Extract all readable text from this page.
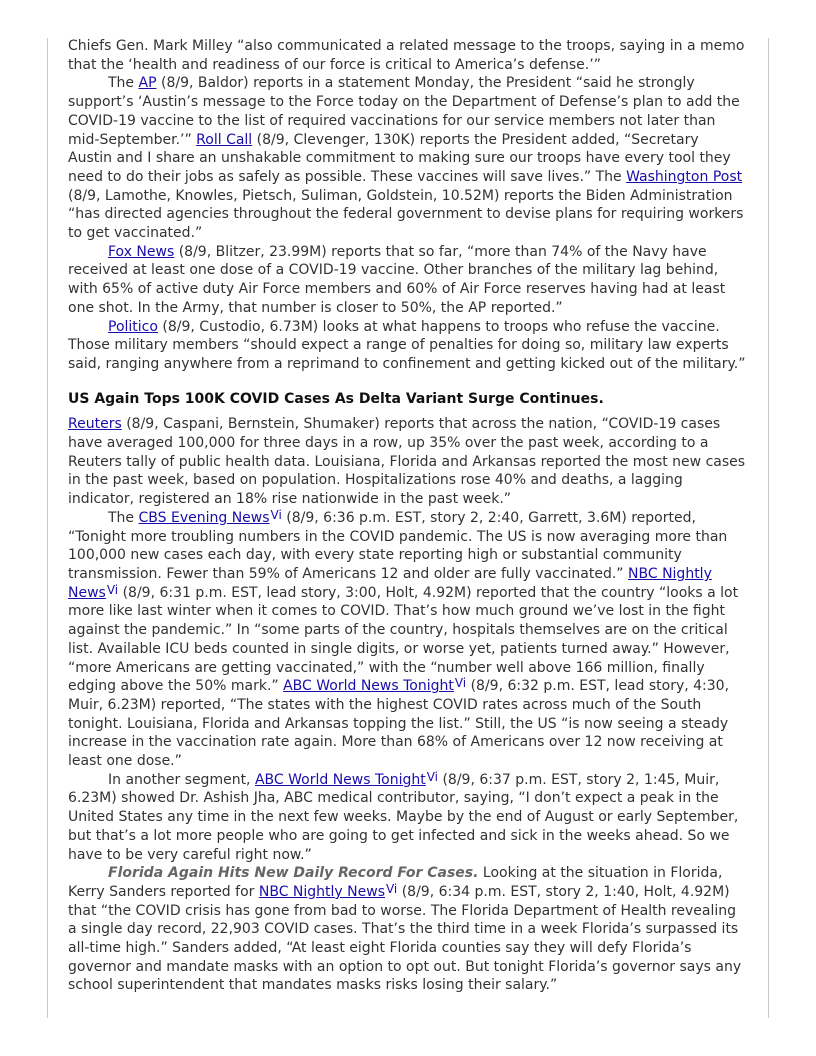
Chiefs Gen. Mark Milley “also communicated a related message to the troops, saying in a memo that the ‘health and readiness of our force is critical to America’s defense.’”

The AP (8/9, Baldor) reports in a statement Monday, the President “said he strongly support’s ‘Austin’s message to the Force today on the Department of Defense’s plan to add the COVID-19 vaccine to the list of required vaccinations for our service members not later than mid-September.’” Roll Call (8/9, Clevenger, 130K) reports the President added, “Secretary Austin and I share an unshakable commitment to making sure our troops have every tool they need to do their jobs as safely as possible. These vaccines will save lives.” The Washington Post (8/9, Lamothe, Knowles, Pietsch, Suliman, Goldstein, 10.52M) reports the Biden Administration “has directed agencies throughout the federal government to devise plans for requiring workers to get vaccinated.”

Fox News (8/9, Blitzer, 23.99M) reports that so far, “more than 74% of the Navy have received at least one dose of a COVID-19 vaccine. Other branches of the military lag behind, with 65% of active duty Air Force members and 60% of Air Force reserves having had at least one shot. In the Army, that number is closer to 50%, the AP reported.”

Politico (8/9, Custodio, 6.73M) looks at what happens to troops who refuse the vaccine. Those military members “should expect a range of penalties for doing so, military law experts said, ranging anywhere from a reprimand to confinement and getting kicked out of the military.”

US Again Tops 100K COVID Cases As Delta Variant Surge Continues.

Reuters (8/9, Caspani, Bernstein, Shumaker) reports that across the nation, “COVID-19 cases have averaged 100,000 for three days in a row, up 35% over the past week, according to a Reuters tally of public health data. Louisiana, Florida and Arkansas reported the most new cases in the past week, based on population. Hospitalizations rose 40% and deaths, a lagging indicator, registered an 18% rise nationwide in the past week.”

The CBS Evening News$^{Vi}$ (8/9, 6:36 p.m. EST, story 2, 2:40, Garrett, 3.6M) reported, “Tonight more troubling numbers in the COVID pandemic. The US is now averaging more than 100,000 new cases each day, with every state reporting high or substantial community transmission. Fewer than 59% of Americans 12 and older are fully vaccinated.” NBC Nightly News$^{Vi}$ (8/9, 6:31 p.m. EST, lead story, 3:00, Holt, 4.92M) reported that the country “looks a lot more like last winter when it comes to COVID. That’s how much ground we’ve lost in the fight against the pandemic.” In “some parts of the country, hospitals themselves are on the critical list. Available ICU beds counted in single digits, or worse yet, patients turned away.” However, “more Americans are getting vaccinated,” with the “number well above 166 million, finally edging above the 50% mark.” ABC World News Tonight$^{Vi}$ (8/9, 6:32 p.m. EST, lead story, 4:30, Muir, 6.23M) reported, “The states with the highest COVID rates across much of the South tonight. Louisiana, Florida and Arkansas topping the list.” Still, the US “is now seeing a steady increase in the vaccination rate again. More than 68% of Americans over 12 now receiving at least one dose.”

In another segment, ABC World News Tonight$^{Vi}$ (8/9, 6:37 p.m. EST, story 2, 1:45, Muir, 6.23M) showed Dr. Ashish Jha, ABC medical contributor, saying, “I don’t expect a peak in the United States any time in the next few weeks. Maybe by the end of August or early September, but that’s a lot more people who are going to get infected and sick in the weeks ahead. So we have to be very careful right now.”

Florida Again Hits New Daily Record For Cases. Looking at the situation in Florida, Kerry Sanders reported for NBC Nightly News$^{Vi}$ (8/9, 6:34 p.m. EST, story 2, 1:40, Holt, 4.92M) that “the COVID crisis has gone from bad to worse. The Florida Department of Health revealing a single day record, 22,903 COVID cases. That’s the third time in a week Florida’s surpassed its all-time high.” Sanders added, “At least eight Florida counties say they will defy Florida’s governor and mandate masks with an option to opt out. But tonight Florida’s governor says any school superintendent that mandates masks risks losing their salary.”
